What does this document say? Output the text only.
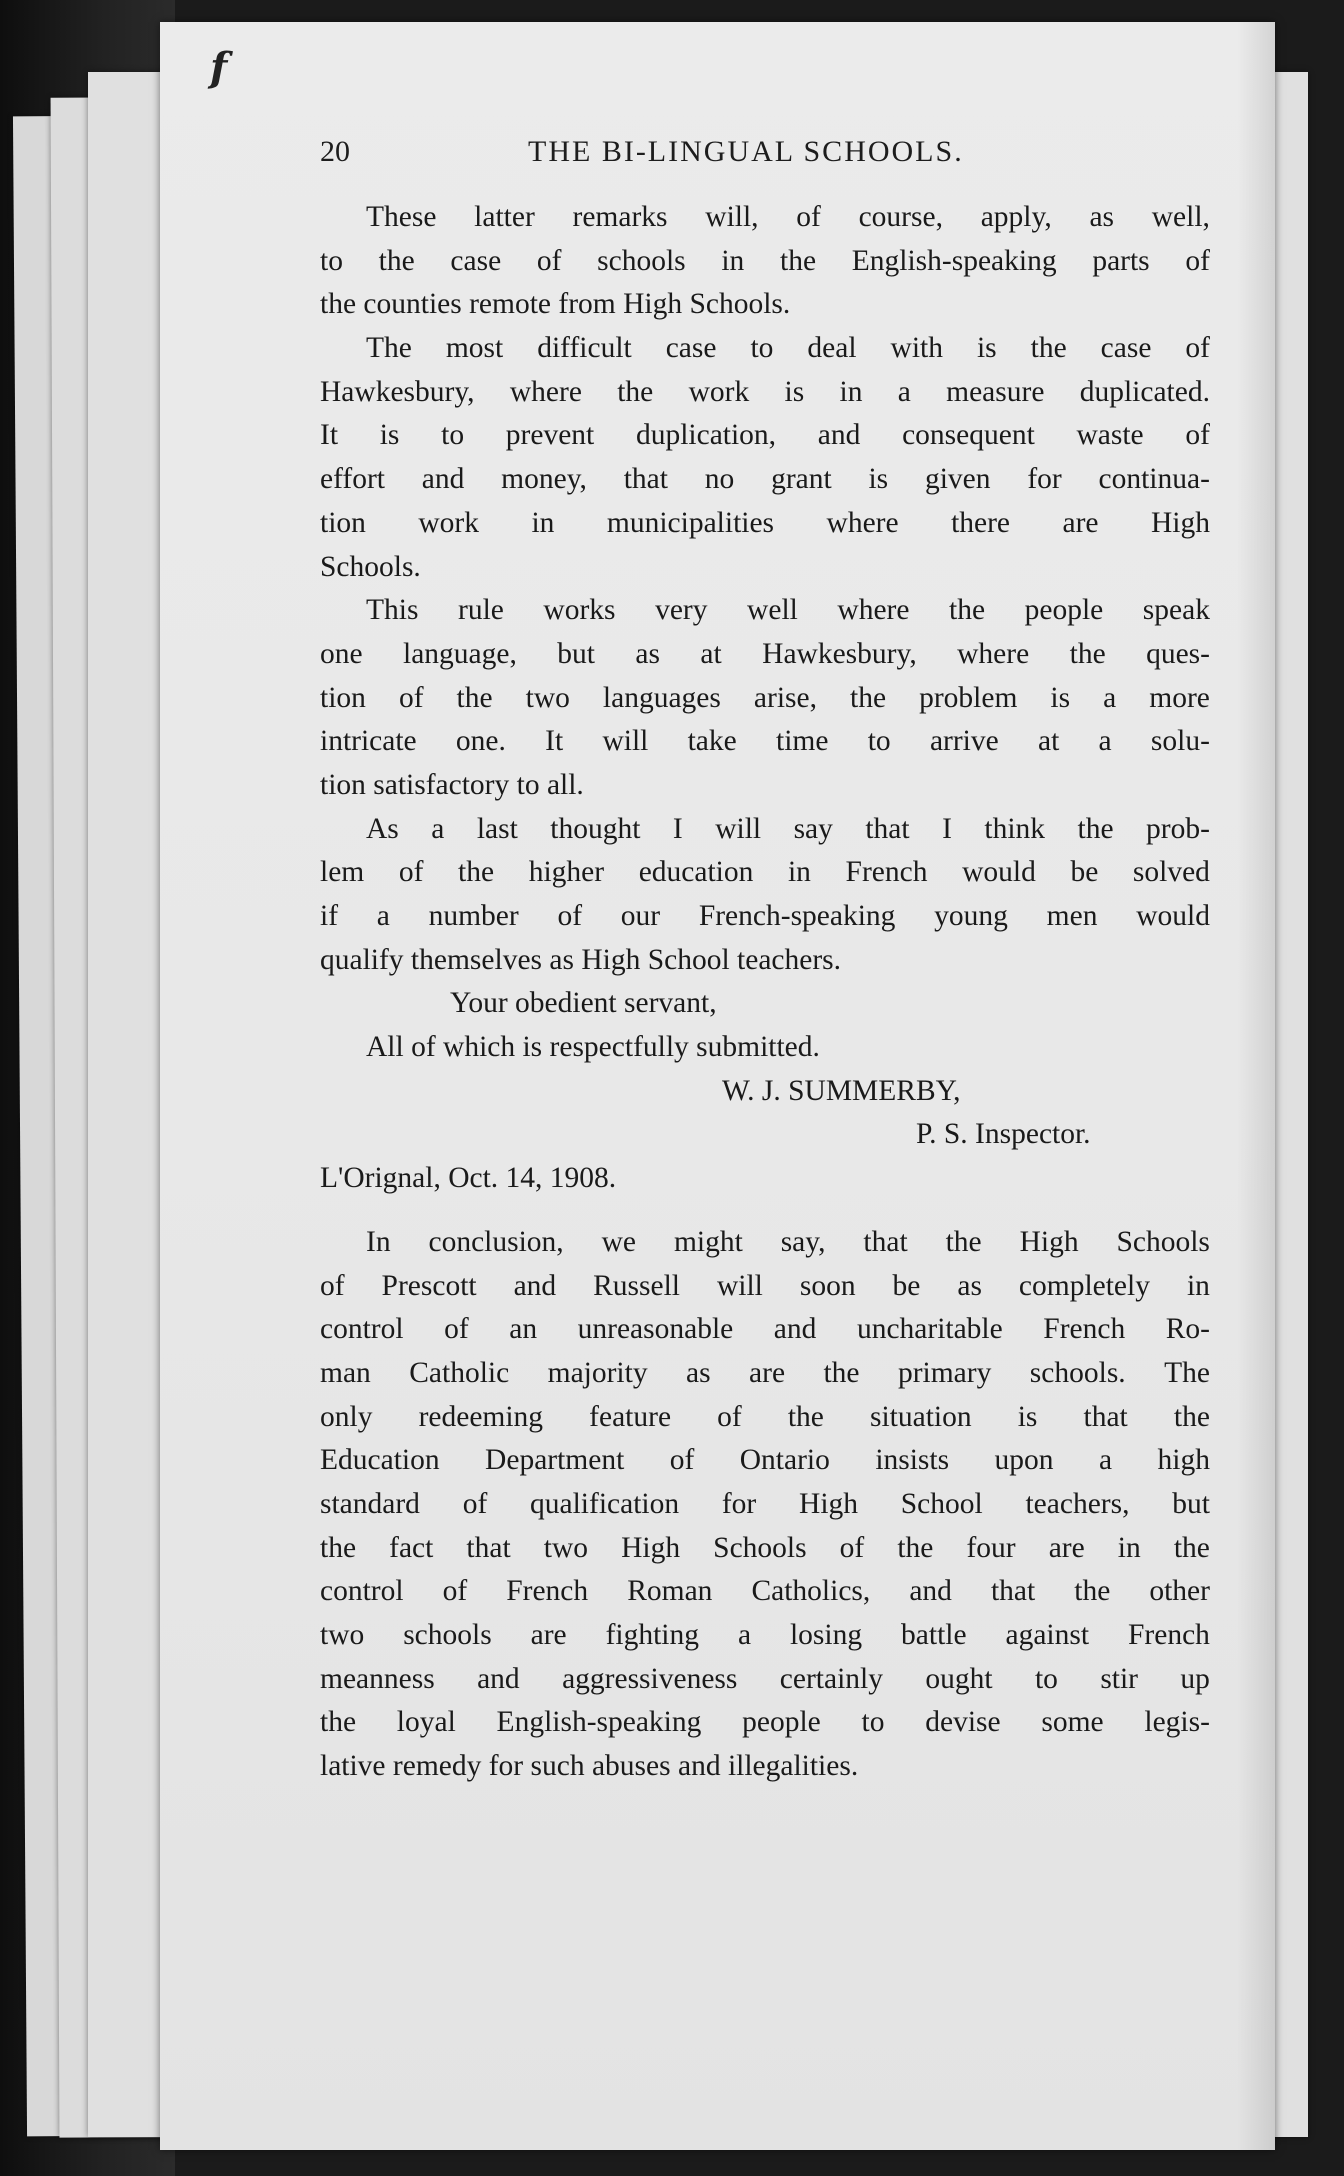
f
20	THE BI-LINGUAL SCHOOLS.
These latter remarks will, of course, apply, as well,
to the case of schools in the English-speaking parts of
the counties remote from High Schools.
The most difficult case to deal with is the case of
Hawkesbury, where the work is in a measure duplicated.
It is to prevent duplication, and consequent waste of
effort and money, that no grant is given for continua-
tion work in municipalities where there are High
Schools.
This rule works very well where the people speak
one language, but as at Hawkesbury, where the ques-
tion of the two languages arise, the problem is a more
intricate one. It will take time to arrive at a solu-
tion satisfactory to all.
As a last thought I will say that I think the prob-
lem of the higher education in French would be solved
if a number of our French-speaking young men would
qualify themselves as High School teachers.
Your obedient servant,
All of which is respectfully submitted.
W. J. SUMMERBY,
P. S. Inspector.
L'Orignal, Oct. 14, 1908.
In conclusion, we might say, that the High Schools
of Prescott and Russell will soon be as completely in
control of an unreasonable and uncharitable French Ro-
man Catholic majority as are the primary schools. The
only redeeming feature of the situation is that the
Education Department of Ontario insists upon a high
standard of qualification for High School teachers, but
the fact that two High Schools of the four are in the
control of French Roman Catholics, and that the other
two schools are fighting a losing battle against French
meanness and aggressiveness certainly ought to stir up
the loyal English-speaking people to devise some legis-
lative remedy for such abuses and illegalities.
